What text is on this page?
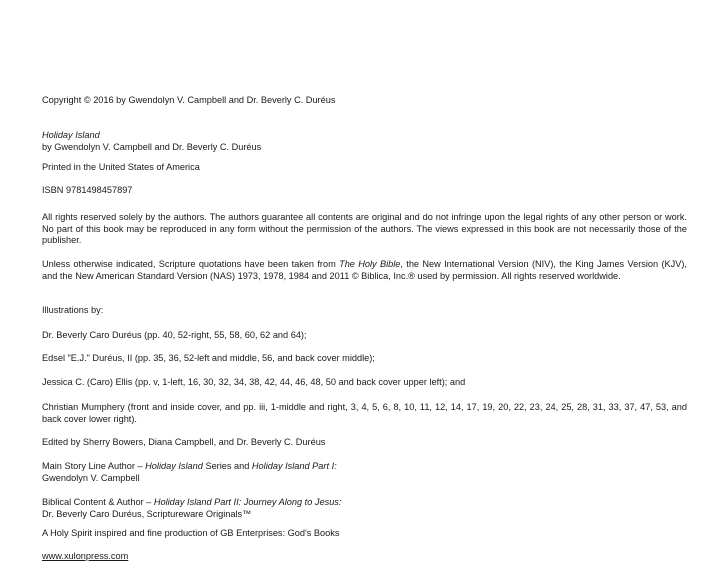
Copyright © 2016 by Gwendolyn V. Campbell and Dr. Beverly C. Duréus

Holiday Island
by Gwendolyn V. Campbell and Dr. Beverly C. Duréus

Printed in the United States of America

ISBN 9781498457897

All rights reserved solely by the authors. The authors guarantee all contents are original and do not infringe upon the legal rights of any other person or work. No part of this book may be reproduced in any form without the permission of the authors. The views expressed in this book are not necessarily those of the publisher.

Unless otherwise indicated, Scripture quotations have been taken from The Holy Bible, the New International Version (NIV), the King James Version (KJV), and the New American Standard Version (NAS) 1973, 1978, 1984 and 2011 © Biblica, Inc.® used by permission. All rights reserved worldwide.

Illustrations by:

Dr. Beverly Caro Duréus (pp. 40, 52-right, 55, 58, 60, 62 and 64);

Edsel "E.J." Duréus, II (pp. 35, 36, 52-left and middle, 56, and back cover middle);

Jessica C. (Caro) Ellis (pp. v, 1-left, 16, 30, 32, 34, 38, 42, 44, 46, 48, 50 and back cover upper left); and

Christian Mumphery (front and inside cover, and pp. iii, 1-middle and right, 3, 4, 5, 6, 8, 10, 11, 12, 14, 17, 19, 20, 22, 23, 24, 25, 28, 31, 33, 37, 47, 53, and back cover lower right).

Edited by Sherry Bowers, Diana Campbell, and Dr. Beverly C. Duréus

Main Story Line Author – Holiday Island Series and Holiday Island Part I:
Gwendolyn V. Campbell
Biblical Content & Author – Holiday Island Part II: Journey Along to Jesus:
Dr. Beverly Caro Duréus, Scriptureware Originals™

A Holy Spirit inspired and fine production of GB Enterprises: God's Books

www.xulonpress.com
